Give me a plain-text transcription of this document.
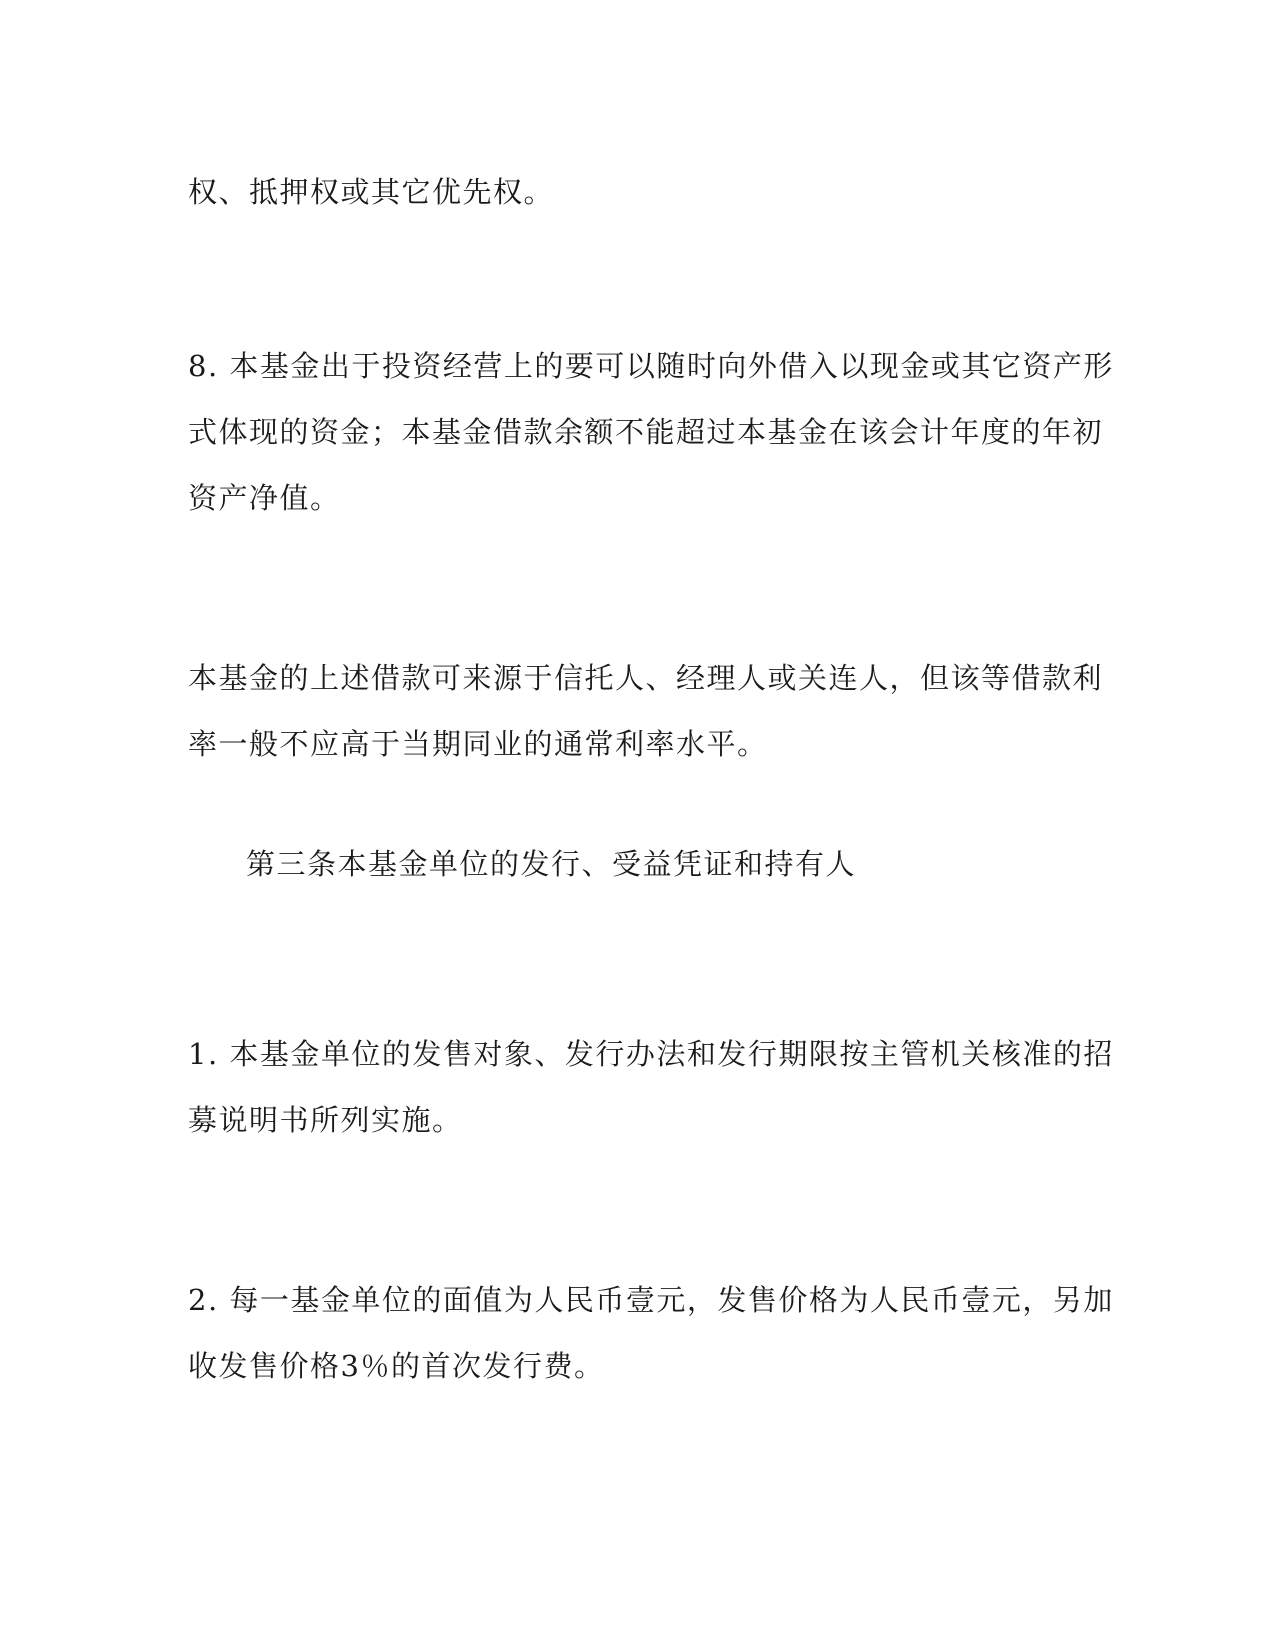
权、抵押权或其它优先权。

8. 本基金出于投资经营上的要可以随时向外借入以现金或其它资产形

式体现的资金；本基金借款余额不能超过本基金在该会计年度的年初

资产净值。

本基金的上述借款可来源于信托人、经理人或关连人，但该等借款利

率一般不应高于当期同业的通常利率水平。

第三条本基金单位的发行、受益凭证和持有人

1. 本基金单位的发售对象、发行办法和发行期限按主管机关核准的招

募说明书所列实施。

2. 每一基金单位的面值为人民币壹元，发售价格为人民币壹元，另加

收发售价格3％的首次发行费。
